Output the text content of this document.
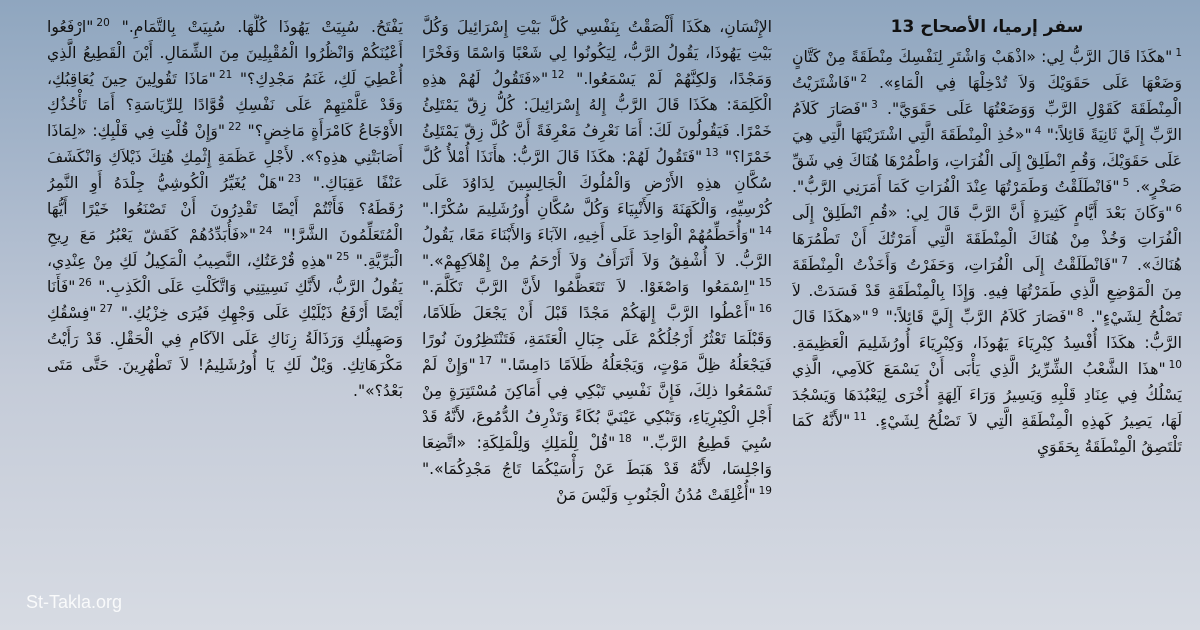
سفر إرميا، الأصحاح 13
$^1$"هكَذَا قَالَ الرَّبُّ لِي: «اذْهَبْ وَاشْتَرِ لِنَفْسِكَ مِنْطَقَةً مِنْ كَتَّانٍ وَضَعْهَا عَلَى حَقَوَيْكَ وَلاَ تُدْخِلْهَا فِي الْمَاءِ». $^2$"فَاشْتَرَيْتُ الْمِنْطَقَةَ كَقَوْلِ الرَّبِّ وَوَضَعْتُهَا عَلَى حَقَوَيَّ". $^3$"فَصَارَ كَلاَمُ الرَّبِّ إِلَيَّ ثَانِيَةً قَائِلاً:" $^4$"«خُذِ الْمِنْطَقَةَ الَّتِي اشْتَرَيْتَهَا الَّتِي هِيَ عَلَى حَقَوَيْكَ، وَقُمِ انْطَلِقْ إِلَى الْفُرَاتِ، وَاطْمُرْهَا هُنَاكَ فِي شَقِّ صَخْرٍ». $^5$"فَانْطَلَقْتُ وَطَمَرْتُهَا عِنْدَ الْفُرَاتِ كَمَا أَمَرَنِي الرَّبُّ". $^6$"وَكَانَ بَعْدَ أَيَّامٍ كَثِيرَةٍ أَنَّ الرَّبَّ قَالَ لِي: «قُمِ انْطَلِقْ إِلَى الْفُرَاتِ وَخُذْ مِنْ هُنَاكَ الْمِنْطَقَةَ الَّتِي أَمَرْتُكَ أَنْ تَطْمُرَهَا هُنَاكَ». $^7$"فَانْطَلَقْتُ إِلَى الْفُرَاتِ، وَحَفَرْتُ وَأَخَذْتُ الْمِنْطَقَةَ مِنَ الْمَوْضِعِ الَّذِي طَمَرْتُهَا فِيهِ. وَإِذَا بِالْمِنْطَقَةِ قَدْ فَسَدَتْ. لاَ تَصْلُحُ لِشَيْءٍ". $^8$"فَصَارَ كَلاَمُ الرَّبِّ إِلَيَّ قَائِلاً:" $^9$"«هكَذَا قَالَ الرَّبُّ: هكَذَا أُفْسِدُ كِبْرِيَاءَ يَهُوذَا، وَكِبْرِيَاءَ أُورُشَلِيمَ الْعَظِيمَةِ. $^{10}$"هذَا الشَّعْبُ الشِّرِّيرُ الَّذِي يَأْبَى أَنْ يَسْمَعَ كَلاَمِي، الَّذِي يَسْلُكُ فِي عِنَادِ قَلْبِهِ وَيَسِيرُ وَرَاءَ آلِهَةٍ أُخْرَى لِيَعْبُدَهَا وَيَسْجُدَ لَهَا، يَصِيرُ كَهذِهِ الْمِنْطَقَةِ الَّتِي لاَ تَصْلُحُ لِشَيْءٍ. $^{11}$"لأَنَّهُ كَمَا تَلْتَصِقُ الْمِنْطَقَةُ بِحَقَوَيِ
الإِنْسَانِ، هكَذَا أَلْصَقْتُ بِنَفْسِي كُلَّ بَيْتِ إِسْرَائِيلَ وَكُلَّ بَيْتِ يَهُوذَا، يَقُولُ الرَّبُّ، لِيَكُونُوا لِي شَعْبًا وَاسْمًا وَفَخْرًا وَمَجْدًا، وَلكِنَّهُمْ لَمْ يَسْمَعُوا." $^{12}$"«فَتَقُولُ لَهُمْ هذِهِ الْكَلِمَةَ: هكَذَا قَالَ الرَّبُّ إِلهُ إِسْرَائِيلَ: كُلُّ زِقّ يَمْتَلِئُ خَمْرًا. فَيَقُولُونَ لَكَ: أَمَا نَعْرِفُ مَعْرِفَةً أَنَّ كُلَّ زِقّ يَمْتَلِئُ خَمْرًا؟" $^{13}$"فَتَقُولُ لَهُمْ: هكَذَا قَالَ الرَّبُّ: هأَنَذَا أُمْلأُ كُلَّ سُكَّانِ هذِهِ الأَرْضِ وَالْمُلُوكَ الْجَالِسِينَ لِدَاوُدَ عَلَى كُرْسِيِّهِ، وَالْكَهَنَةَ وَالأَنْبِيَاءَ وَكُلَّ سُكَّانِ أُورُشَلِيمَ سُكْرًا." $^{14}$"وَأُحَطِّمُهُمْ الْوَاحِدَ عَلَى أَخِيهِ، الآبَاءَ وَالأَبْنَاءَ مَعًا، يَقُولُ الرَّبُّ. لاَ أُشْفِقُ وَلاَ أَتَرَأَفُ وَلاَ أَرْحَمُ مِنْ إِهْلاَكِهِمْ»." $^{15}$"اِسْمَعُوا وَاصْغَوْا. لاَ تَتَعَظَّمُوا لأَنَّ الرَّبَّ تَكَلَّمَ." $^{16}$"أَعْطُوا الرَّبَّ إِلهَكُمْ مَجْدًا قَبْلَ أَنْ يَجْعَلَ ظَلاَمًا، وَقَبْلَمَا تَعْثُرُ أَرْجُلُكُمْ عَلَى جِبَالِ الْعَتَمَةِ، فَتَنْتَظِرُونَ نُورًا فَيَجْعَلُهُ ظِلَّ مَوْتٍ، وَيَجْعَلُهُ ظَلاَمًا دَامِسًا." $^{17}$"وَإِنْ لَمْ تَسْمَعُوا ذلِكَ، فَإِنَّ نَفْسِي تَبْكِي فِي أَمَاكِنَ مُسْتَتِرَةٍ مِنْ أَجْلِ الْكِبْرِيَاءِ، وَتَبْكِي عَيْنَيَّ بُكَاءً وَتَذْرِفُ الدُّمُوعَ، لأَنَّهُ قَدْ سُبِيَ قَطِيعُ الرَّبِّ." $^{18}$"قُلْ لِلْمَلِكِ وَلِلْمَلِكَةِ: «اتَّضِعَا وَاجْلِسَا، لأَنَّهُ قَدْ هَبَطَ عَنْ رَأْسَيْكُمَا تَاجُ مَجْدِكُمَا»." $^{19}$"أُغْلِقَتْ مُدُنُ الْجَنُوبِ وَلَيْسَ مَنْ
يَفْتَحُ. سُبِيَتْ يَهُوذَا كُلُّهَا. سُبِيَتْ بِالتَّمَامِ." $^{20}$"ارْفَعُوا أَعْيُنَكُمْ وَانْظُرُوا الْمُقْبِلِينَ مِنَ الشِّمَالِ. أَيْنَ الْقَطِيعُ الَّذِي أُعْطِيَ لَكِ، غَنَمُ مَجْدِكِ؟" $^{21}$"مَاذَا تَقُولِينَ حِينَ يُعَاقِبُكِ، وَقَدْ عَلَّمْتِهِمْ عَلَى نَفْسِكِ قُوَّادًا لِلرِّيَاسَةِ؟ أَمَا تَأْخُذُكِ الأَوْجَاعُ كَامْرَأَةٍ مَاخِضٍ؟" $^{22}$"وَإِنْ قُلْتِ فِي قَلْبِكِ: «لِمَاذَا أَصَابَتْنِي هذِهِ؟». لأَجْلِ عَظَمَةِ إِثْمِكِ هُتِكَ ذَيْلاَكِ وَانْكَشَفَ عَنْفًا عَقِبَاكِ." $^{23}$"هَلْ يُغَيِّرُ الْكُوشِيُّ جِلْدَهُ أَوِ النَّمِرُ رُقَطَهُ؟ فَأَنْتُمْ أَيْضًا تَقْدِرُونَ أَنْ تَصْنَعُوا خَيْرًا أَيُّهَا الْمُتَعَلِّمُونَ الشَّرَّ!" $^{24}$"«فَأُبَدِّدُهُمْ كَقَشّ يَعْبُرُ مَعَ رِيحِ الْبَرِّيَّةِ." $^{25}$"هذِهِ قُرْعَتُكِ، النَّصِيبُ الْمَكِيلُ لَكِ مِنْ عِنْدِي، يَقُولُ الرَّبُّ، لأَنَّكِ نَسِيتِنِي وَاتَّكَلْتِ عَلَى الْكَذِبِ." $^{26}$"فَأَنَا أَيْضًا أَرْفَعُ ذَيْلَيْكِ عَلَى وَجْهِكِ فَيُرَى خِزْيُكِ." $^{27}$"فِسْقُكِ وَصَهِيلُكِ وَرَذَالَةُ زِنَاكِ عَلَى الآكَامِ فِي الْحَقْلِ. قَدْ رَأَيْتُ مَكْرَهَاتِكِ. وَيْلٌ لَكِ يَا أُورُشَلِيمُ! لاَ تَطْهُرِينَ. حَتَّى مَتَى بَعْدُ؟»".
St-Takla.org
